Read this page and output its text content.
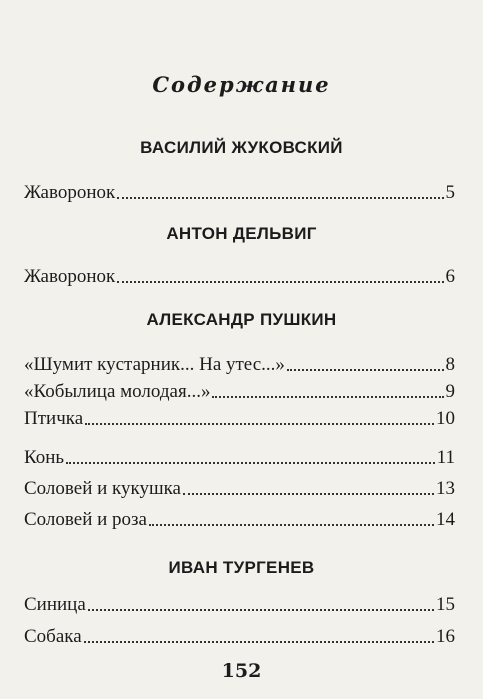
Содержание
ВАСИЛИЙ ЖУКОВСКИЙ
Жаворонок	5
АНТОН ДЕЛЬВИГ
Жаворонок	6
АЛЕКСАНДР ПУШКИН
«Шумит кустарник... На утес...»	8
«Кобылица молодая...»	9
Птичка	10
Конь	11
Соловей и кукушка	13
Соловей и роза	14
ИВАН ТУРГЕНЕВ
Синица	15
Собака	16
152
